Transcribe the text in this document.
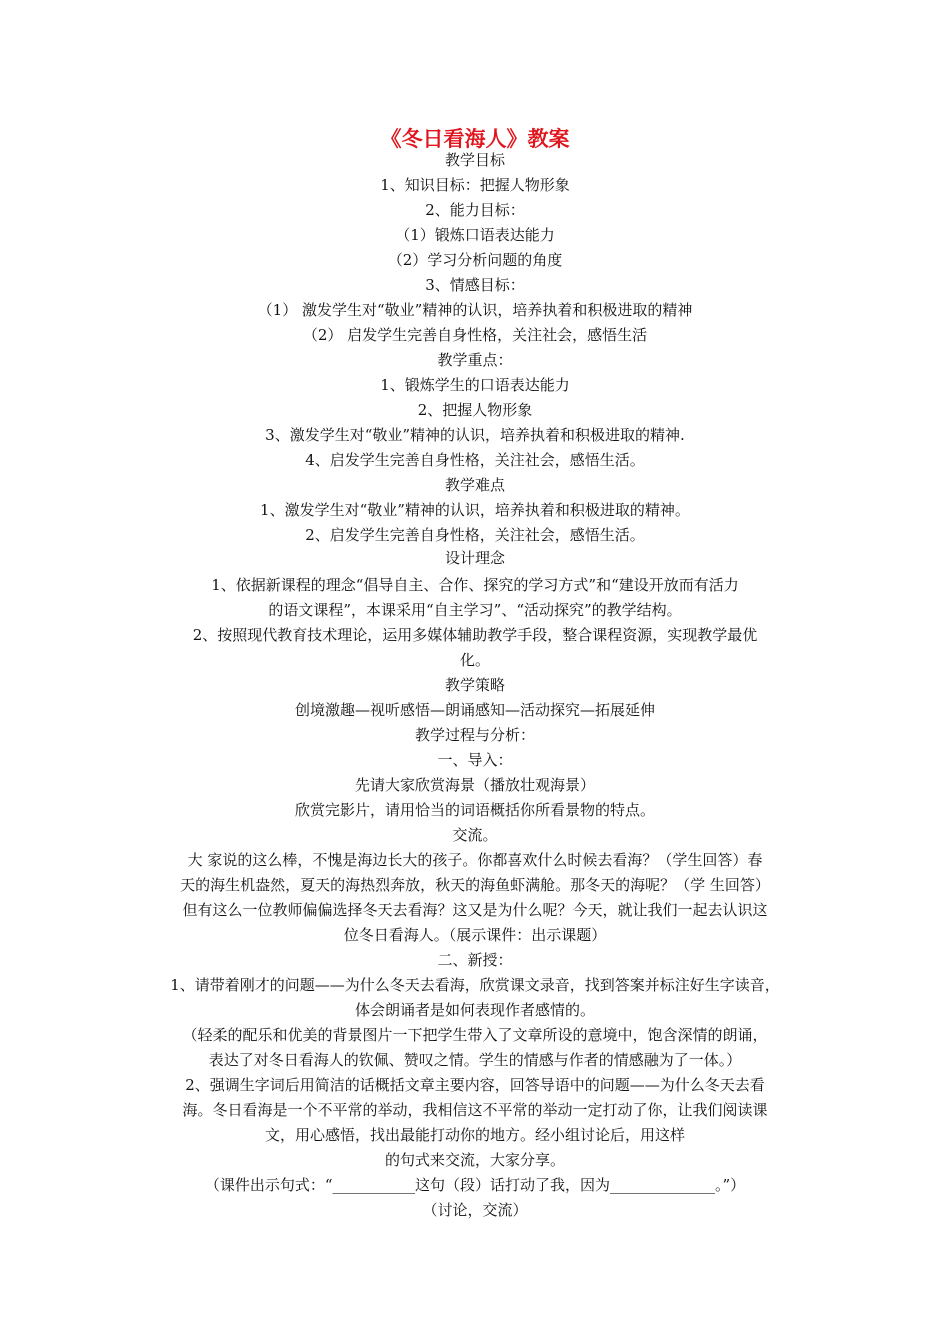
《冬日看海人》教案
教学目标
1、知识目标：把握人物形象
2、能力目标：
（1）锻炼口语表达能力
（2）学习分析问题的角度
3、情感目标：
（1） 激发学生对“敬业”精神的认识，培养执着和积极进取的精神
（2） 启发学生完善自身性格，关注社会，感悟生活
教学重点：
1、锻炼学生的口语表达能力
2、把握人物形象
3、激发学生对“敬业”精神的认识，培养执着和积极进取的精神.
4、启发学生完善自身性格，关注社会，感悟生活。
教学难点
1、激发学生对“敬业”精神的认识，培养执着和积极进取的精神。
2、启发学生完善自身性格，关注社会，感悟生活。
设计理念
1、依据新课程的理念“倡导自主、合作、探究的学习方式”和“建设开放而有活力
的语文课程”，本课采用“自主学习”、“活动探究”的教学结构。
2、按照现代教育技术理论，运用多媒体辅助教学手段，整合课程资源，实现教学最优
化。
教学策略
创境激趣—视听感悟—朗诵感知—活动探究—拓展延伸
教学过程与分析：
一、导入：
先请大家欣赏海景（播放壮观海景）
欣赏完影片，请用恰当的词语概括你所看景物的特点。
交流。
大 家说的这么棒，不愧是海边长大的孩子。你都喜欢什么时候去看海？（学生回答）春
天的海生机盎然，夏天的海热烈奔放，秋天的海鱼虾满舱。那冬天的海呢？（学 生回答）
但有这么一位教师偏偏选择冬天去看海？这又是为什么呢？今天，就让我们一起去认识这
位冬日看海人。（展示课件：出示课题）
二、新授：
1、请带着刚才的问题——为什么冬天去看海，欣赏课文录音，找到答案并标注好生字读音，
体会朗诵者是如何表现作者感情的。
（轻柔的配乐和优美的背景图片一下把学生带入了文章所设的意境中，饱含深情的朗诵，
表达了对冬日看海人的钦佩、赞叹之情。学生的情感与作者的情感融为了一体。）
2、强调生字词后用简洁的话概括文章主要内容，回答导语中的问题——为什么冬天去看
海。冬日看海是一个不平常的举动，我相信这不平常的举动一定打动了你，让我们阅读课
文，用心感悟，找出最能打动你的地方。经小组讨论后，用这样
的句式来交流，大家分享。
（课件出示句式：“___________这句（段）话打动了我，因为______________。”）
（讨论，交流）
